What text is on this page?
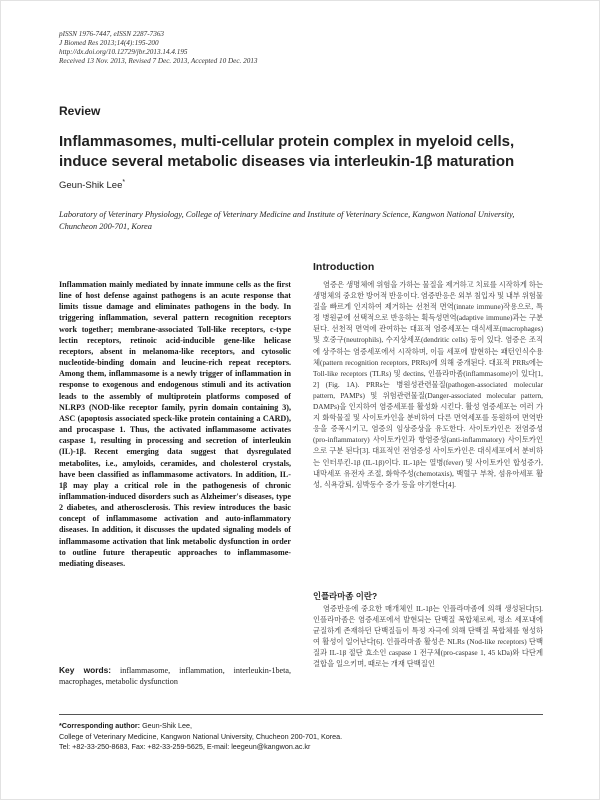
pISSN 1976-7447, eISSN 2287-7363
J Biomed Res 2013;14(4):195-200
http://dx.doi.org/10.12729/jbr.2013.14.4.195
Received 13 Nov. 2013, Revised 7 Dec. 2013, Accepted 10 Dec. 2013
Review
Inflammasomes, multi-cellular protein complex in myeloid cells, induce several metabolic diseases via interleukin-1β maturation
Geun-Shik Lee*
Laboratory of Veterinary Physiology, College of Veterinary Medicine and Institute of Veterinary Science, Kangwon National University, Chuncheon 200-701, Korea
Inflammation mainly mediated by innate immune cells as the first line of host defense against pathogens is an acute response that limits tissue damage and eliminates pathogens in the body. In triggering inflammation, several pattern recognition receptors work together; membrane-associated Toll-like receptors, c-type lectin receptors, retinoic acid-inducible gene-like helicase receptors, absent in melanoma-like receptors, and cytosolic nucleotide-binding domain and leucine-rich repeat receptors. Among them, inflammasome is a newly trigger of inflammation in response to exogenous and endogenous stimuli and its activation leads to the assembly of multiprotein platforms composed of NLRP3 (NOD-like receptor family, pyrin domain containing 3), ASC (apoptosis associated speck-like protein containing a CARD), and procaspase 1. Thus, the activated inflammasome activates caspase 1, resulting in processing and secretion of interleukin (IL)-1β. Recent emerging data suggest that dysregulated metabolites, i.e., amyloids, ceramides, and cholesterol crystals, have been classified as inflammasome activators. In addition, IL-1β may play a critical role in the pathogenesis of chronic inflammation-induced disorders such as Alzheimer's diseases, type 2 diabetes, and atherosclerosis. This review introduces the basic concept of inflammasome activation and auto-inflammatory diseases. In addition, it discusses the updated signaling models of inflammasome activation that link metabolic dysfunction in order to outline future therapeutic approaches to inflammasome-mediating diseases.
Key words: inflammasome, inflammation, interleukin-1beta, macrophages, metabolic dysfunction
Introduction

염증은 생명체에 위험을 가하는 물질을 제거하고 치료를 시작하게 하는 생명체의 중요한 방어적 반응이다. 염증반응은 외부 침입자 및 내부 위험물질을 빠르게 인지하여 제거하는 선천적 면역(innate immune)작용으로, 특정 병원균에 선택적으로 반응하는 획득성면역(adaptive immune)과는 구분된다. 선천적 면역에 관여하는 대표적 염증세포는 대식세포(macrophages) 및 호중구(neutrophils), 수지상세포(dendritic cells) 등이 있다. 염증은 조직에 상주하는 염증세포에서 시작하며, 이들 세포에 발현하는 패턴인식수용체(pattern recognition receptors, PRRs)에 의해 중개된다. 대표적 PRRs에는 Toll-like receptors (TLRs) 및 dectins, 인플라마좀(inflammasome)이 있다[1, 2] (Fig. 1A). PRRs는 병원성관련물질(pathogen-associated molecular pattern, PAMPs) 및 위험관련물질(Danger-associated molecular pattern, DAMPs)을 인지하여 염증세포를 활성화 시킨다. 활성 염증세포는 여러 가지 화학물질 및 사이토카인을 분비하여 다른 면역세포를 동원하여 면역반응을 증폭시키고, 염증의 임상증상을 유도한다. 사이토카인은 전염증성(pro-inflammatory) 사이토카인과 항염증성(anti-inflammatory) 사이토카인으로 구분 된다[3]. 대표적인 전염증성 사이토카인은 대식세포에서 분비하는 인터루킨-1β (IL-1β)이다. IL-1β는 열병(fever) 및 사이토카인 합성증가, 내막세포 유전자 조절, 화학주성(chemotaxis), 백혈구 부착, 섬유아세포 활성, 식욕감퇴, 심박동수 증가 등을 야기한다[4].

인플라마좀 이란?

염증반응에 중요한 매개체인 IL-1β는 인플라마좀에 의해 생성된다[5]. 인플라마좀은 염증세포에서 발현되는 단백질 복합체로써, 평소 세포내에 균질하게 존재하던 단백질들이 특정 자극에 의해 단백질 복합체를 형성하여 활성이 일어난다[6]. 인플라마좀 활성은 NLRs (Nod-like receptors) 단백질과 IL-1β 절단 효소인 caspase 1 전구체(pro-caspase 1, 45 kDa)와 다단계 결합을 일으키며, 때로는 개재 단백질인

*Corresponding author: Geun-Shik Lee,
College of Veterinary Medicine, Kangwon National University, Chucheon 200-701, Korea.
Tel: +82-33-250-8683, Fax: +82-33-259-5625, E-mail: leegeun@kangwon.ac.kr
